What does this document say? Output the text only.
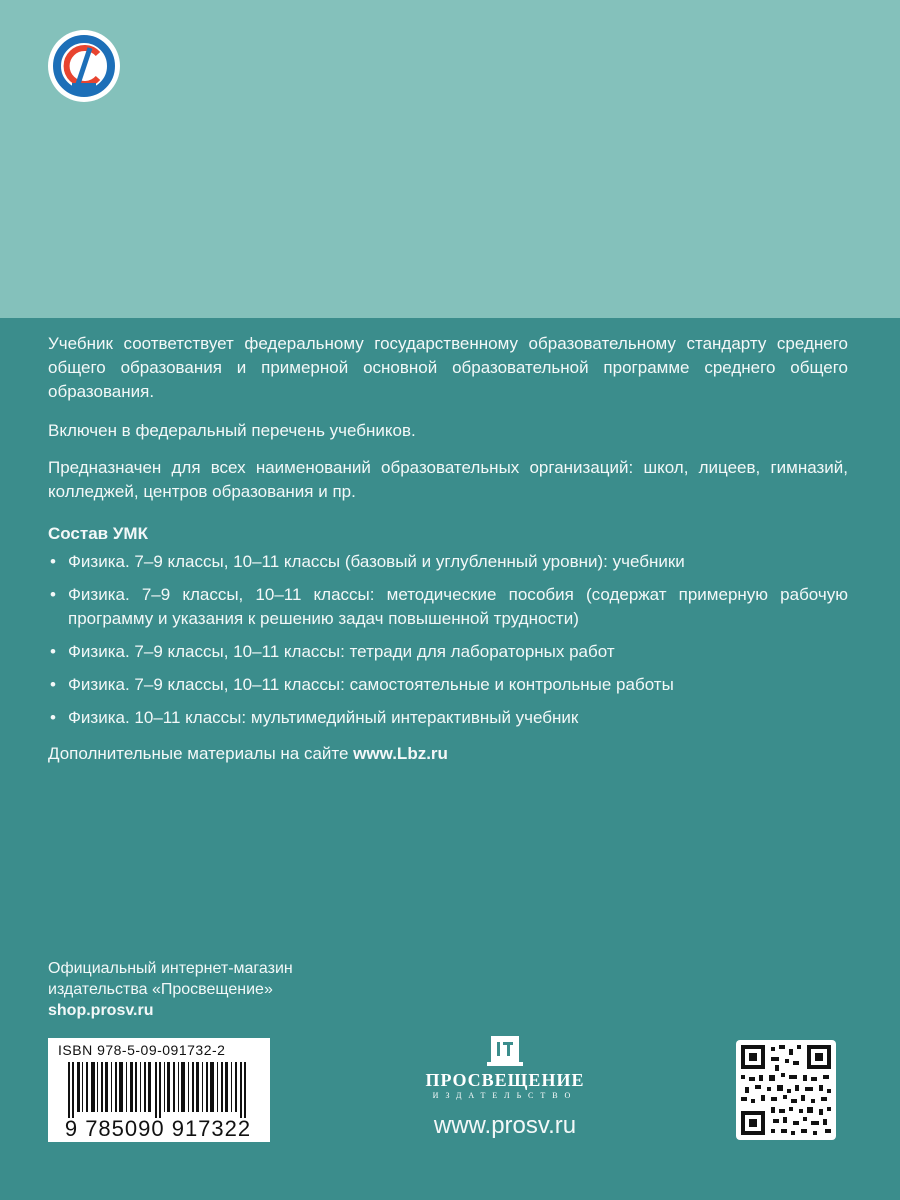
Учебник соответствует федеральному государственному образовательному стандарту среднего общего образования и примерной основной образовательной программе среднего общего образования.

Включен в федеральный перечень учебников.

Предназначен для всех наименований образовательных организаций: школ, лицеев, гимназий, колледжей, центров образования и пр.

Состав УМК
• Физика. 7–9 классы, 10–11 классы (базовый и углубленный уровни): учебники
• Физика. 7–9 классы, 10–11 классы: методические пособия (содержат примерную рабочую программу и указания к решению задач повышенной трудности)
• Физика. 7–9 классы, 10–11 классы: тетради для лабораторных работ
• Физика. 7–9 классы, 10–11 классы: самостоятельные и контрольные работы
• Физика. 10–11 классы: мультимедийный интерактивный учебник
Дополнительные материалы на сайте www.Lbz.ru
Официальный интернет-магазин
издательства «Просвещение»
shop.prosv.ru
ISBN 978-5-09-091732-2
9 785090 917322
ПРОСВЕЩЕНИЕ
ИЗДАТЕЛЬСТВО
www.prosv.ru
